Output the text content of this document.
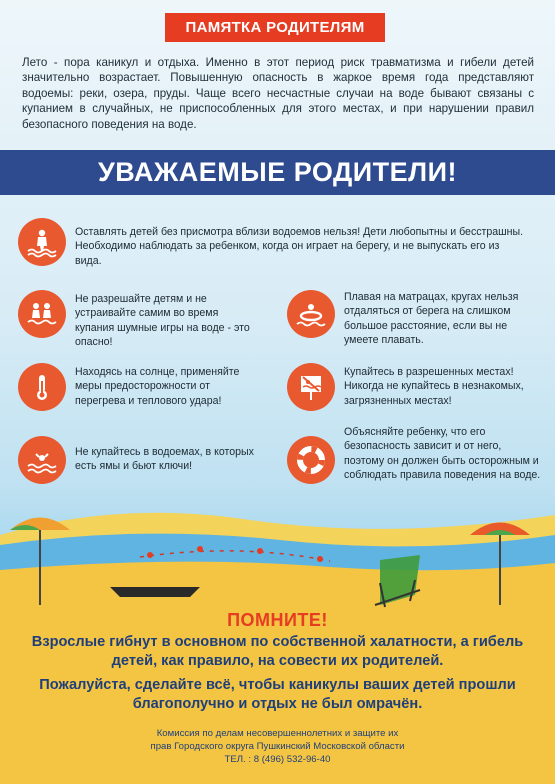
ПАМЯТКА РОДИТЕЛЯМ
Лето - пора каникул и отдыха. Именно в этот период риск травматизма и гибели детей значительно возрастает. Повышенную опасность в жаркое время года представляют водоемы: реки, озера, пруды. Чаще всего несчастные случаи на воде бывают связаны с купанием в случайных, не приспособленных для этого местах, и при нарушении правил безопасного поведения на воде.
УВАЖАЕМЫЕ РОДИТЕЛИ!
Оставлять детей без присмотра вблизи водоемов нельзя! Дети любопытны и бесстрашны. Необходимо наблюдать за ребенком, когда он играет на берегу, и не выпускать его из вида.
Не разрешайте детям и не устраивайте самим во время купания шумные игры на воде - это опасно!
Плавая на матрацах, кругах нельзя отдаляться от берега на слишком большое расстояние, если вы не умеете плавать.
Находясь на солнце, применяйте меры предосторожности от перегрева и теплового удара!
Купайтесь в разрешенных местах! Никогда не купайтесь в незнакомых, загрязненных местах!
Не купайтесь в водоемах, в которых есть ямы и бьют ключи!
Объясняйте ребенку, что его безопасность зависит и от него, поэтому он должен быть осторожным и соблюдать правила поведения на воде.
ПОМНИТЕ!
Взрослые гибнут в основном по собственной халатности, а гибель детей, как правило, на совести их родителей.
Пожалуйста, сделайте всё, чтобы каникулы ваших детей прошли благополучно и отдых не был омрачён.
Комиссия по делам несовершеннолетних и защите их
прав Городского округа Пушкинский Московской области
ТЕЛ. : 8 (496) 532-96-40
